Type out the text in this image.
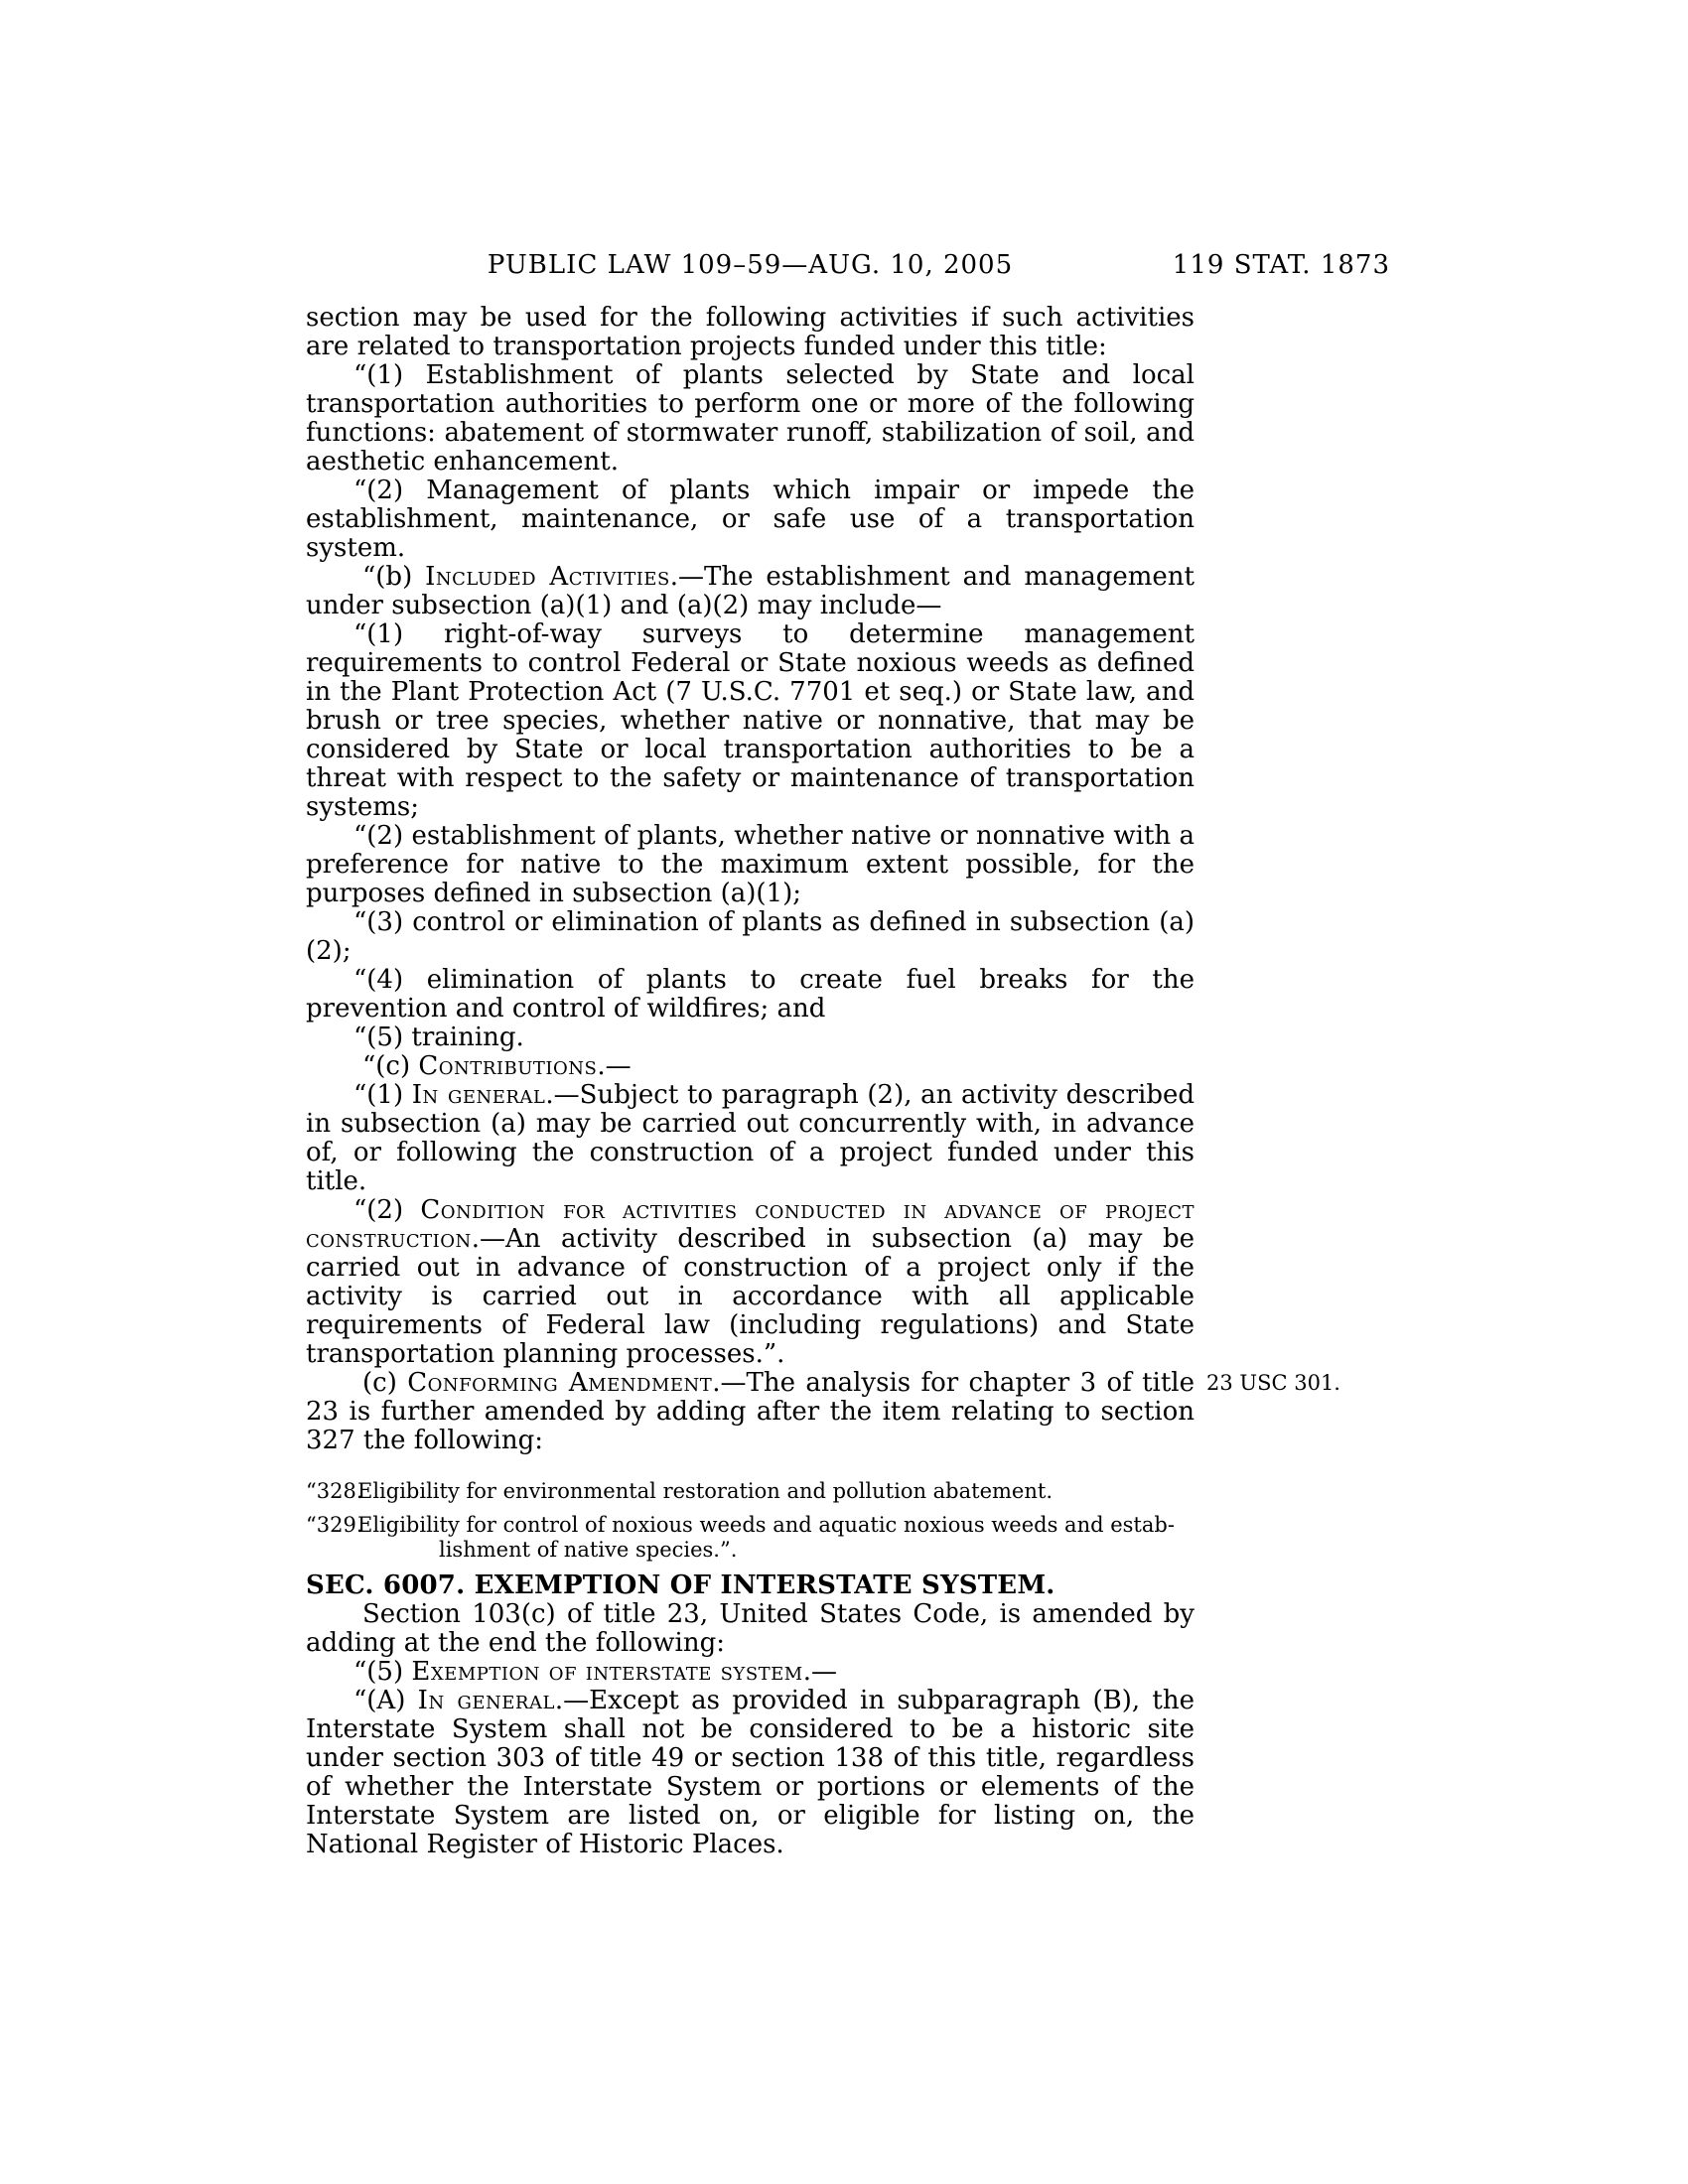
PUBLIC LAW 109–59—AUG. 10, 2005	119 STAT. 1873

section may be used for the following activities if such activities are related to transportation projects funded under this title:

“(1) Establishment of plants selected by State and local transportation authorities to perform one or more of the following functions: abatement of stormwater runoff, stabilization of soil, and aesthetic enhancement.

“(2) Management of plants which impair or impede the establishment, maintenance, or safe use of a transportation system.

“(b) Included Activities.—The establishment and management under subsection (a)(1) and (a)(2) may include—

“(1) right-of-way surveys to determine management requirements to control Federal or State noxious weeds as defined in the Plant Protection Act (7 U.S.C. 7701 et seq.) or State law, and brush or tree species, whether native or nonnative, that may be considered by State or local transportation authorities to be a threat with respect to the safety or maintenance of transportation systems;

“(2) establishment of plants, whether native or nonnative with a preference for native to the maximum extent possible, for the purposes defined in subsection (a)(1);

“(3) control or elimination of plants as defined in subsection (a)(2);

“(4) elimination of plants to create fuel breaks for the prevention and control of wildfires; and

“(5) training.

“(c) Contributions.—

“(1) In general.—Subject to paragraph (2), an activity described in subsection (a) may be carried out concurrently with, in advance of, or following the construction of a project funded under this title.

“(2) Condition for activities conducted in advance of project construction.—An activity described in subsection (a) may be carried out in advance of construction of a project only if the activity is carried out in accordance with all applicable requirements of Federal law (including regulations) and State transportation planning processes.”.

(c) Conforming Amendment.—The analysis for chapter 3 of title 23 is further amended by adding after the item relating to section 327 the following:
23 USC 301.

“328.Eligibility for environmental restoration and pollution abatement.
“329.Eligibility for control of noxious weeds and aquatic noxious weeds and estab-
lishment of native species.”.

SEC. 6007. EXEMPTION OF INTERSTATE SYSTEM.

Section 103(c) of title 23, United States Code, is amended by adding at the end the following:

“(5) Exemption of interstate system.—

“(A) In general.—Except as provided in subparagraph (B), the Interstate System shall not be considered to be a historic site under section 303 of title 49 or section 138 of this title, regardless of whether the Interstate System or portions or elements of the Interstate System are listed on, or eligible for listing on, the National Register of Historic Places.
